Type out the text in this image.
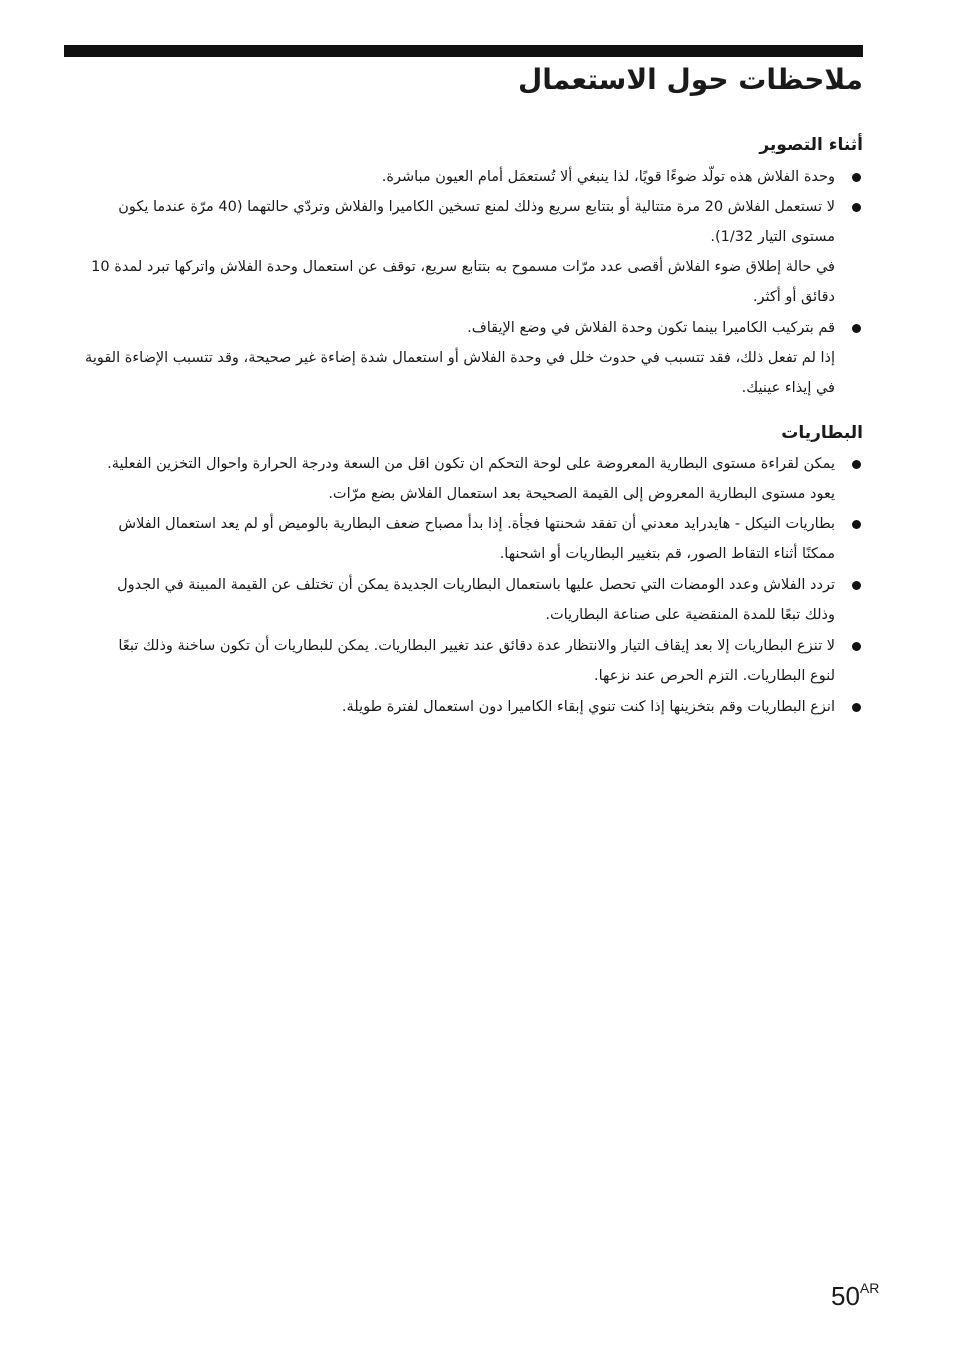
ملاحظات حول الاستعمال
أثناء التصوير

وحدة الفلاش هذه تولّد ضوءًا قويًا، لذا ينبغي ألا تُستعمَل أمام العيون مباشرة.

لا تستعمل الفلاش 20 مرة متتالية أو بتتابع سريع وذلك لمنع تسخين الكاميرا والفلاش وتردّي حالتهما (40 مرّة عندما يكون

مستوى التيار 1/32).

في حالة إطلاق ضوء الفلاش أقصى عدد مرّات مسموح به بتتابع سريع، توقف عن استعمال وحدة الفلاش واتركها تبرد لمدة 10

دقائق أو أكثر.

قم بتركيب الكاميرا بينما تكون وحدة الفلاش في وضع الإيقاف.

إذا لم تفعل ذلك، فقد تتسبب في حدوث خلل في وحدة الفلاش أو استعمال شدة إضاءة غير صحيحة، وقد تتسبب الإضاءة القوية

في إيذاء عينيك.

البطاريات

يمكن لقراءة مستوى البطارية المعروضة على لوحة التحكم ان تكون اقل من السعة ودرجة الحرارة واحوال التخزين الفعلية.

يعود مستوى البطارية المعروض إلى القيمة الصحيحة بعد استعمال الفلاش بضع مرّات.

بطاريات النيكل - هايدرايد معدني أن تفقد شحنتها فجأة. إذا بدأ مصباح ضعف البطارية بالوميض أو لم يعد استعمال الفلاش

ممكنًا أثناء التقاط الصور، قم بتغيير البطاريات أو اشحنها.

تردد الفلاش وعدد الومضات التي تحصل عليها باستعمال البطاريات الجديدة يمكن أن تختلف عن القيمة المبينة في الجدول

وذلك تبعًا للمدة المنقضية على صناعة البطاريات.

لا تنزع البطاريات إلا بعد إيقاف التيار والانتظار عدة دقائق عند تغيير البطاريات. يمكن للبطاريات أن تكون ساخنة وذلك تبعًا

لنوع البطاريات. التزم الحرص عند نزعها.

انزع البطاريات وقم بتخزينها إذا كنت تنوي إبقاء الكاميرا دون استعمال لفترة طويلة.

$50^{AR}$
